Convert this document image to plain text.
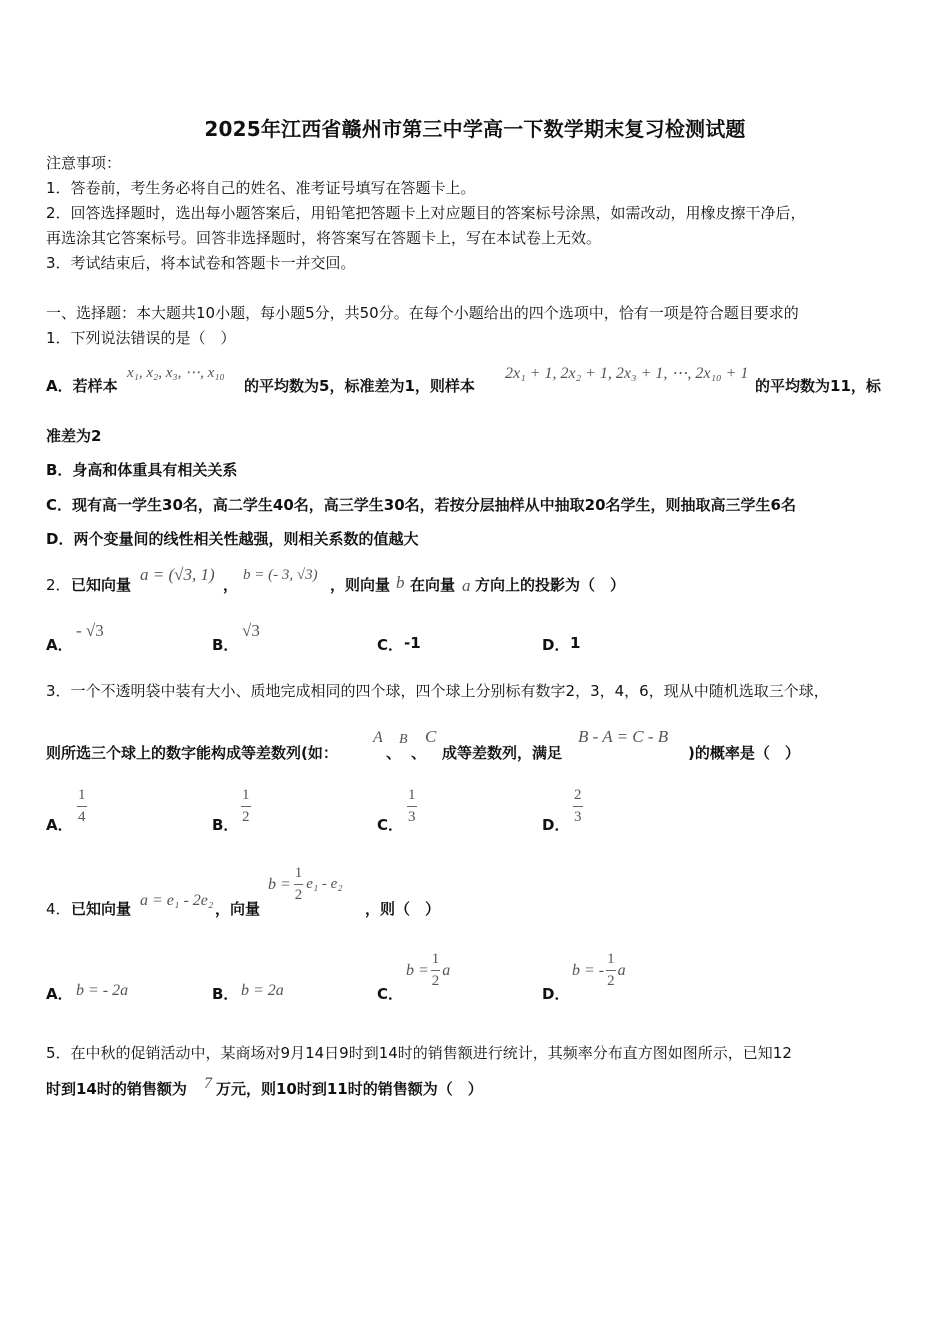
2025年江西省赣州市第三中学高一下数学期末复习检测试题
注意事项：
1．答卷前，考生务必将自己的姓名、准考证号填写在答题卡上。
2．回答选择题时，选出每小题答案后，用铅笔把答题卡上对应题目的答案标号涂黑，如需改动，用橡皮擦干净后，
再选涂其它答案标号。回答非选择题时，将答案写在答题卡上，写在本试卷上无效。
3．考试结束后，将本试卷和答题卡一并交回。
一、选择题：本大题共10小题，每小题5分，共50分。在每个小题给出的四个选项中，恰有一项是符合题目要求的
1．下列说法错误的是（　）
A．若样本
x₁, x₂, x₃, ⋯, x₁₀
的平均数为5，标准差为1，则样本
2x₁ + 1, 2x₂ + 1, 2x₃ + 1, ⋯, 2x₁₀ + 1
的平均数为11，标
准差为2
B．身高和体重具有相关关系
C．现有高一学生30名，高二学生40名，高三学生30名，若按分层抽样从中抽取20名学生，则抽取高三学生6名
D．两个变量间的线性相关性越强，则相关系数的值越大
2． 已知向量
a = (√3, 1)
，
b = (- 3, √3)
，则向量 b 在向量 a 方向上的投影为（　）
A．
- √3
B．
√3
C． -1	D． 1
3．一个不透明袋中装有大小、质地完成相同的四个球，四个球上分别标有数字2，3，4，6，现从中随机选取三个球，
则所选三个球上的数字能构成等差数列(如：
A
、
B
、
C
成等差数列，满足
B - A = C - B
)的概率是（　）
A．
1
4	B．
1
2	C．
1
3	D．
2
3
4． 已知向量 a = e₁ - 2e₂ ，向量
$b = \frac{1}{2} e_1 - e_2$
，则（　）
A． b = - 2a	B． b = 2a	C．
$b = \frac{1}{2}$ a
D．
b = - $\frac{1}{2}$ a
5．在中秋的促销活动中，某商场对9月14日9时到14时的销售额进行统计，其频率分布直方图如图所示，已知12
时到14时的销售额为 7 万元，则10时到11时的销售额为（　）
